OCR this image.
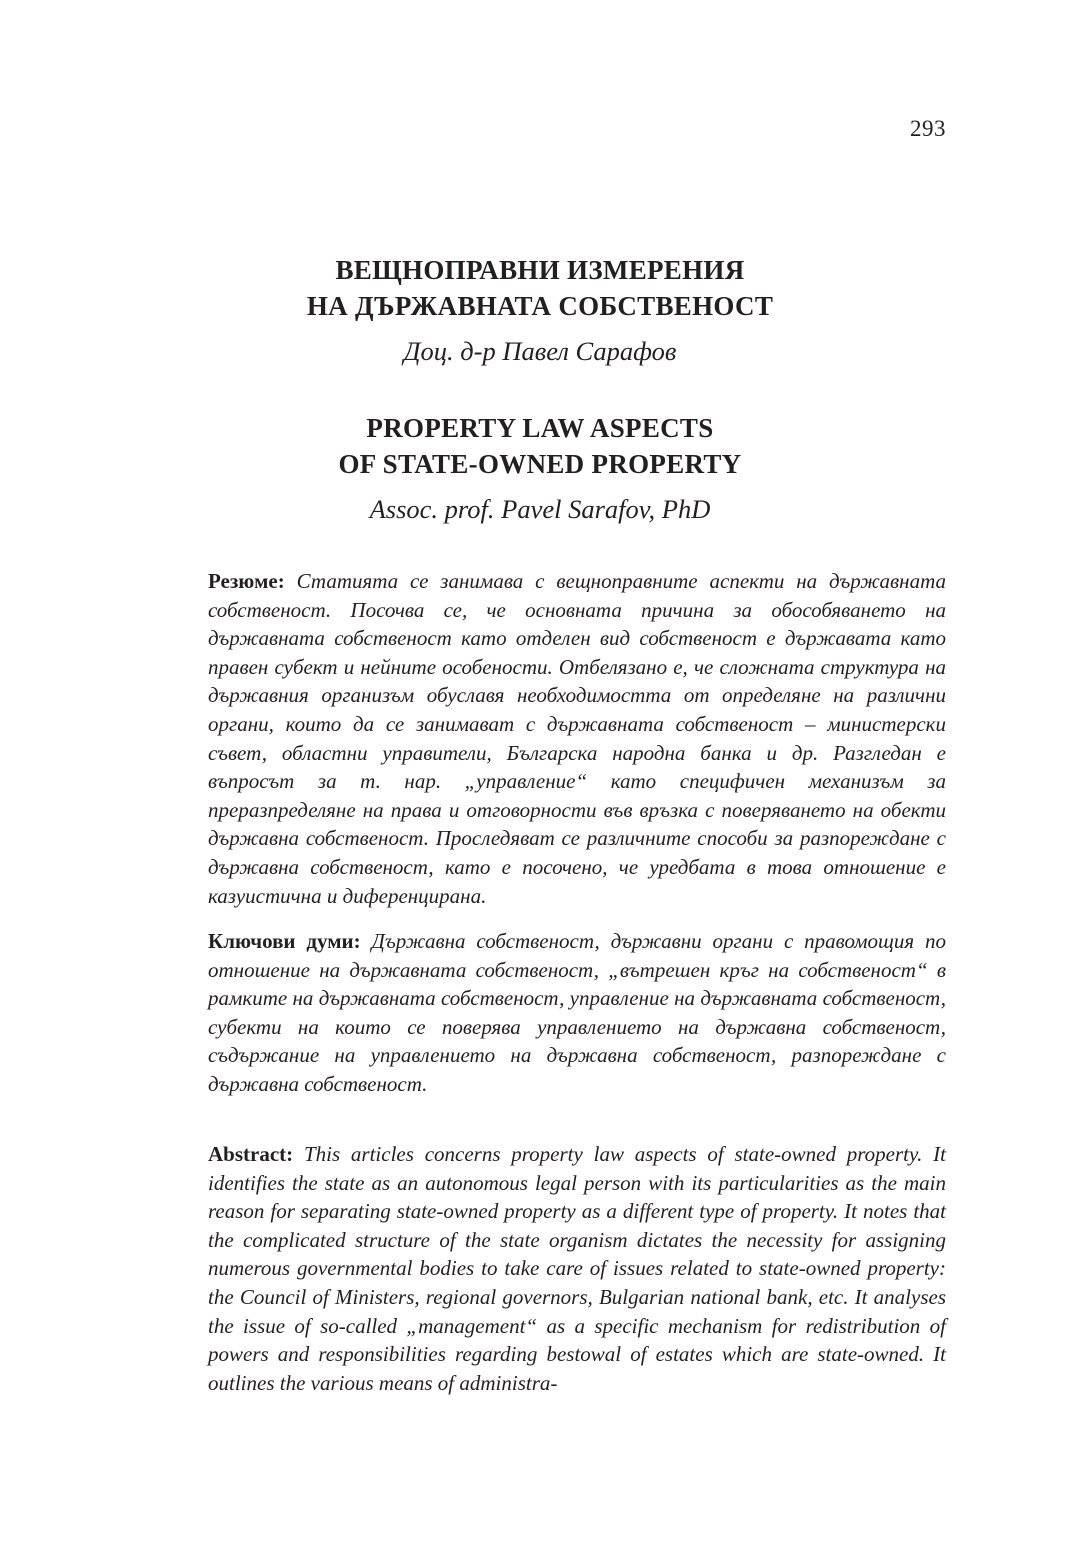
293
ВЕЩНОПРАВНИ ИЗМЕРЕНИЯ
НА ДЪРЖАВНАТА СОБСТВЕНОСТ
Доц. д-р Павел Сарафов
PROPERTY LAW ASPECTS
OF STATE-OWNED PROPERTY
Assoc. prof. Pavel Sarafov, PhD

Резюме: Статията се занимава с вещноправните аспекти на държавната собственост. Посочва се, че основната причина за обособяването на държавната собственост като отделен вид собственост е държавата като правен субект и нейните особености. Отбелязано е, че сложната структура на държавния организъм обуславя необходимостта от определяне на различни органи, които да се занимават с държавната собственост – министерски съвет, областни управители, Българска народна банка и др. Разгледан е въпросът за т. нар. „управление“ като специфичен механизъм за преразпределяне на права и отговорности във връзка с поверяването на обекти държавна собственост. Проследяват се различните способи за разпореждане с държавна собственост, като е посочено, че уредбата в това отношение е казуистична и диференцирана.

Ключови думи: Държавна собственост, държавни органи с правомощия по отношение на държавната собственост, „вътрешен кръг на собственост“ в рамките на държавната собственост, управление на държавната собственост, субекти на които се поверява управлението на държавна собственост, съдържание на управлението на държавна собственост, разпореждане с държавна собственост.

Abstract: This articles concerns property law aspects of state-owned property. It identifies the state as an autonomous legal person with its particularities as the main reason for separating state-owned property as a different type of property. It notes that the complicated structure of the state organism dictates the necessity for assigning numerous governmental bodies to take care of issues related to state-owned property: the Council of Ministers, regional governors, Bulgarian national bank, etc. It analyses the issue of so-called „management“ as a specific mechanism for redistribution of powers and responsibilities regarding bestowal of estates which are state-owned. It outlines the various means of administra-
